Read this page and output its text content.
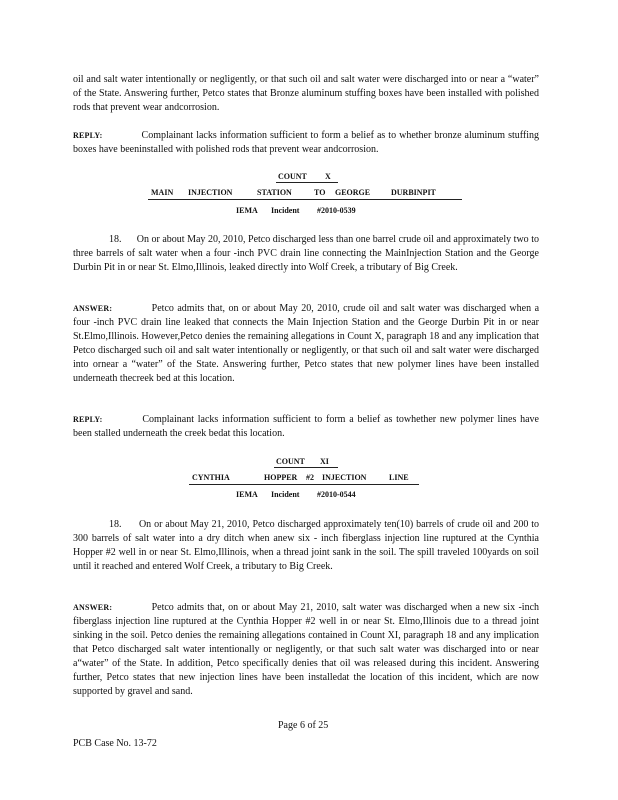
oil and salt water intentionally or negligently, or that such oil and salt water were discharged into or near a “water” of the State. Answering further, Petco states that Bronze aluminum stuffing boxes have been installed with polished rods that prevent wear andcorrosion.

REPLY:	Complainant lacks information sufficient to form a belief as to whether bronze aluminum stuffing boxes have beeninstalled with polished rods that prevent wear andcorrosion.

COUNT X
MAIN INJECTION	STATION	TO GEORGE	DURBINPIT
IEMA Incident #2010-0539

18. On or about May 20, 2010, Petco discharged less than one barrel crude oil and approximately two to three barrels of salt water when a four -inch PVC drain line connecting the MainInjection Station and the George Durbin Pit in or near St. Elmo,Illinois, leaked directly into Wolf Creek, a tributary of Big Creek.

ANSWER:	Petco admits that, on or about May 20, 2010, crude oil and salt water was discharged when a four -inch PVC drain line leaked that connects the Main Injection Station and the George Durbin Pit in or near St.Elmo,Illinois. However,Petco denies the remaining allegations in Count X, paragraph 18 and any implication that Petco discharged such oil and salt water intentionally or negligently, or that such oil and salt water were discharged into ornear a “water” of the State. Answering further, Petco states that new polymer lines have been installed underneath thecreek bed at this location.

REPLY:	Complainant lacks information sufficient to form a belief as towhether new polymer lines have been stalled underneath the creek bedat this location.

COUNT XI
CYNTHIA	HOPPER #2 INJECTION	LINE
IEMA Incident #2010-0544

18. On or about May 21, 2010, Petco discharged approximately ten(10) barrels of crude oil and 200 to 300 barrels of salt water into a dry ditch when anew six - inch fiberglass injection line ruptured at the Cynthia Hopper #2 well in or near St. Elmo,Illinois, when a thread joint sank in the soil. The spill traveled 100yards on soil until it reached and entered Wolf Creek, a tributary to Big Creek.

ANSWER:	Petco admits that, on or about May 21, 2010, salt water was discharged when a new six -inch fiberglass injection line ruptured at the Cynthia Hopper #2 well in or near St. Elmo,Illinois due to a thread joint sinking in the soil. Petco denies the remaining allegations contained in Count XI, paragraph 18 and any implication that Petco discharged salt water intentionally or negligently, or that such salt water was discharged into or near a“water” of the State. In addition, Petco specifically denies that oil was released during this incident. Answering further, Petco states that new injection lines have been installedat the location of this incident, which are now supported by gravel and sand.

Page 6 of 25
PCB Case No. 13-72
